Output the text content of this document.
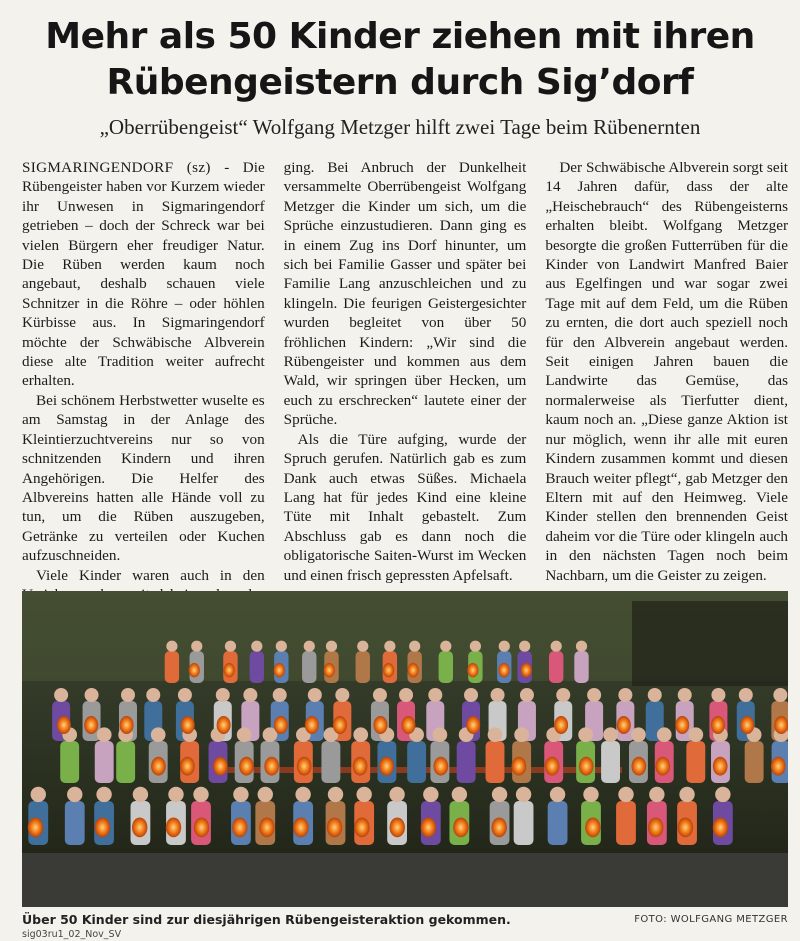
Mehr als 50 Kinder ziehen mit ihren
Rübengeistern durch Sig’dorf
„Oberrübengeist“ Wolfgang Metzger hilft zwei Tage beim Rübenernten

SIGMARINGENDORF (sz) - Die Rübengeister haben vor Kurzem wieder ihr Unwesen in Sigmaringendorf getrieben – doch der Schreck war bei vielen Bürgern eher freudiger Natur. Die Rüben werden kaum noch angebaut, deshalb schauen viele Schnitzer in die Röhre – oder höhlen Kürbisse aus. In Sigmaringendorf möchte der Schwäbische Albverein diese alte Tradition weiter aufrecht erhalten.

Bei schönem Herbstwetter wuselte es am Samstag in der Anlage des Kleintierzuchtvereins nur so von schnitzenden Kindern und ihren Angehörigen. Die Helfer des Albvereins hatten alle Hände voll zu tun, um die Rüben auszugeben, Getränke zu verteilen oder Kuchen aufzuschneiden.

Viele Kinder waren auch in den

ging. Bei Anbruch der Dunkelheit versammelte Oberrübengeist Wolfgang Metzger die Kinder um sich, um die Sprüche einzustudieren. Dann ging es in einem Zug ins Dorf hinunter, um sich bei Familie Gasser und später bei Familie Lang anzuschleichen und zu klingeln. Die feurigen Geistergesichter wurden begleitet von über 50 fröhlichen Kindern: „Wir sind die Rübengeister und kommen aus dem Wald, wir springen über Hecken, um euch zu erschrecken“ lautete einer der Sprüche.

Als die Türe aufging, wurde der Spruch gerufen. Natürlich gab es zum Dank auch etwas Süßes. Michaela Lang hat für jedes Kind eine kleine Tüte mit Inhalt gebastelt. Zum Abschluss gab es dann noch die obligatorische Saiten-Wurst im Wecken und einen frisch gepressten Apfelsaft.

Der Schwäbische Albverein sorgt seit 14 Jahren dafür, dass der alte „Heischebrauch“ des Rübengeisterns erhalten bleibt. Wolfgang Metzger besorgte die großen Futterrüben für die Kinder von Landwirt Manfred Baier aus Egelfingen und war sogar zwei Tage mit auf dem Feld, um die Rüben zu ernten, die dort auch speziell noch für den Albverein angebaut werden. Seit einigen Jahren bauen die Landwirte das Gemüse, das normalerweise als Tierfutter dient, kaum noch an. „Diese ganze Aktion ist nur möglich, wenn ihr alle mit euren Kindern zusammen kommt und diesen Brauch weiter pflegt“, gab Metzger den Eltern mit auf den Heimweg. Viele Kinder stellen den brennenden Geist daheim vor die Türe oder klingeln auch in den nächsten Tagen noch beim Nachbarn, um die Geister zu zeigen.

Über 50 Kinder sind zur diesjährigen Rübengeisteraktion gekommen.	FOTO: WOLFGANG METZGER
sig03ru1_02_Nov_SV
